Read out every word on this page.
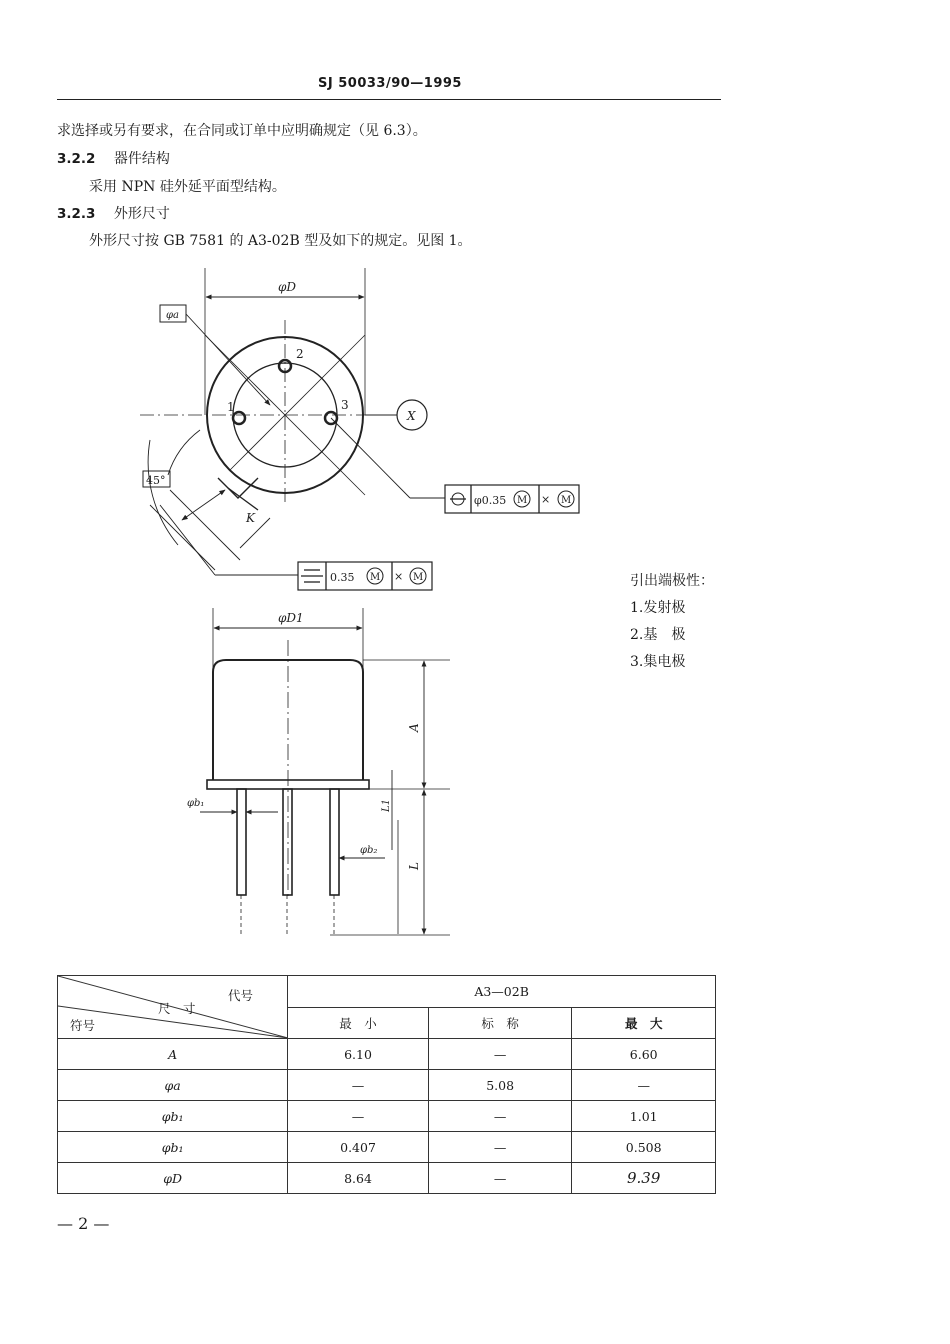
SJ 50033/90—1995
求选择或另有要求，在合同或订单中应明确规定（见 6.3）。
3.2.2 器件结构
采用 NPN 硅外延平面型结构。
3.2.3 外形尺寸
外形尺寸按 GB 7581 的 A3-02B 型及如下的规定。见图 1。
φD
φa
2
1	3
X
45°
K
φ0.35 M × M
0.35 M × M
φD1
φb₁
φb₂
A
L1
L
引出端极性：
1.发射极
2.基　极
3.集电极
代号
尺　寸
符号	A3—02B		
	最　小	标　称	最　大
A	6.10	—	6.60
φa	—	5.08	—
φb₁	—	—	1.01
φb₁	0.407	—	0.508
φD	8.64	—	9.39
— 2 —
